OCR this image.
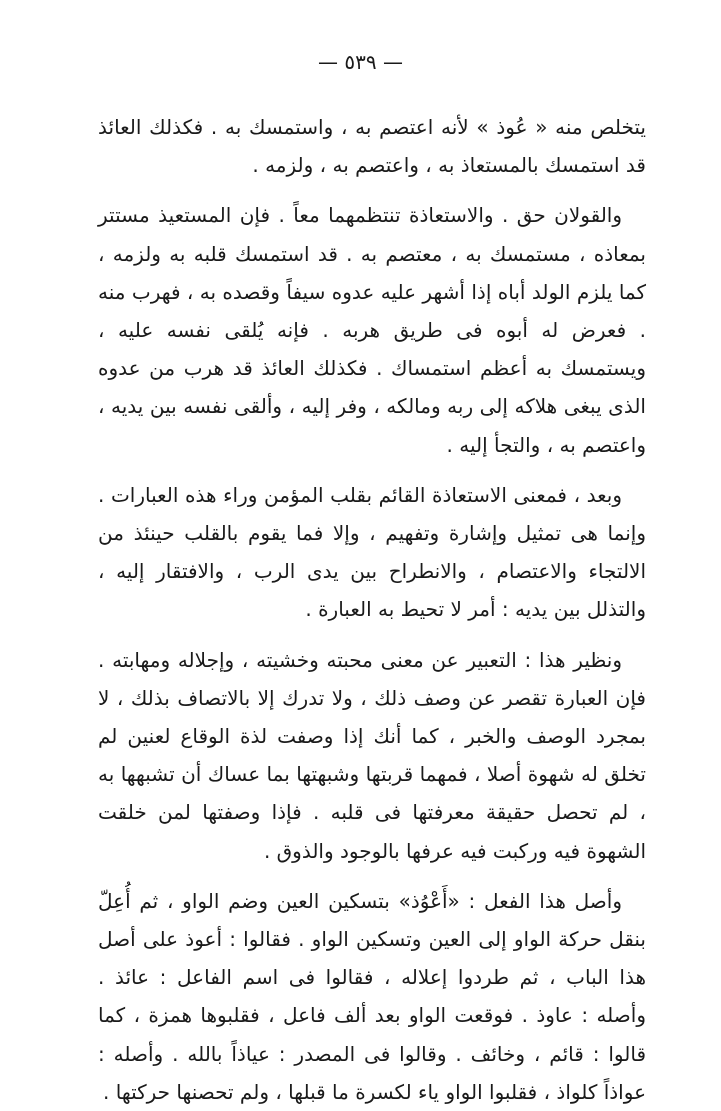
— ٥٣٩ —

يتخلص منه « عُوذ » لأنه اعتصم به ، واستمسك به . فكذلك العائذ قد استمسك بالمستعاذ به ، واعتصم به ، ولزمه .

والقولان حق . والاستعاذة تنتظمهما معاً . فإن المستعيذ مستتر بمعاذه ، مستمسك به ، معتصم به . قد استمسك قلبه به ولزمه ، كما يلزم الولد أباه إذا أشهر عليه عدوه سيفاً وقصده به ، فهرب منه . فعرض له أبوه فى طريق هربه . فإنه يُلقى نفسه عليه ، ويستمسك به أعظم استمساك . فكذلك العائذ قد هرب من عدوه الذى يبغى هلاكه إلى ربه ومالكه ، وفر إليه ، وألقى نفسه بين يديه ، واعتصم به ، والتجأ إليه .

وبعد ، فمعنى الاستعاذة القائم بقلب المؤمن وراء هذه العبارات . وإنما هى تمثيل وإشارة وتفهيم ، وإلا فما يقوم بالقلب حينئذ من الالتجاء والاعتصام ، والانطراح بين يدى الرب ، والافتقار إليه ، والتذلل بين يديه : أمر لا تحيط به العبارة .

ونظير هذا : التعبير عن معنى محبته وخشيته ، وإجلاله ومهابته . فإن العبارة تقصر عن وصف ذلك ، ولا تدرك إلا بالاتصاف بذلك ، لا بمجرد الوصف والخبر ، كما أنك إذا وصفت لذة الوقاع لعنين لم تخلق له شهوة أصلا ، فمهما قربتها وشبهتها بما عساك أن تشبهها به ، لم تحصل حقيقة معرفتها فى قلبه . فإذا وصفتها لمن خلقت الشهوة فيه وركبت فيه عرفها بالوجود والذوق .

وأصل هذا الفعل : «أَعْوُذ» بتسكين العين وضم الواو ، ثم أُعِلّ بنقل حركة الواو إلى العين وتسكين الواو . فقالوا : أعوذ على أصل هذا الباب ، ثم طردوا إعلاله ، فقالوا فى اسم الفاعل : عائذ . وأصله : عاوذ . فوقعت الواو بعد ألف فاعل ، فقلبوها همزة ، كما قالوا : قائم ، وخائف . وقالوا فى المصدر : عياذاً بالله . وأصله : عواذاً كلواذ ، فقلبوا الواو ياء لكسرة ما قبلها ، ولم تحصنها حركتها .
